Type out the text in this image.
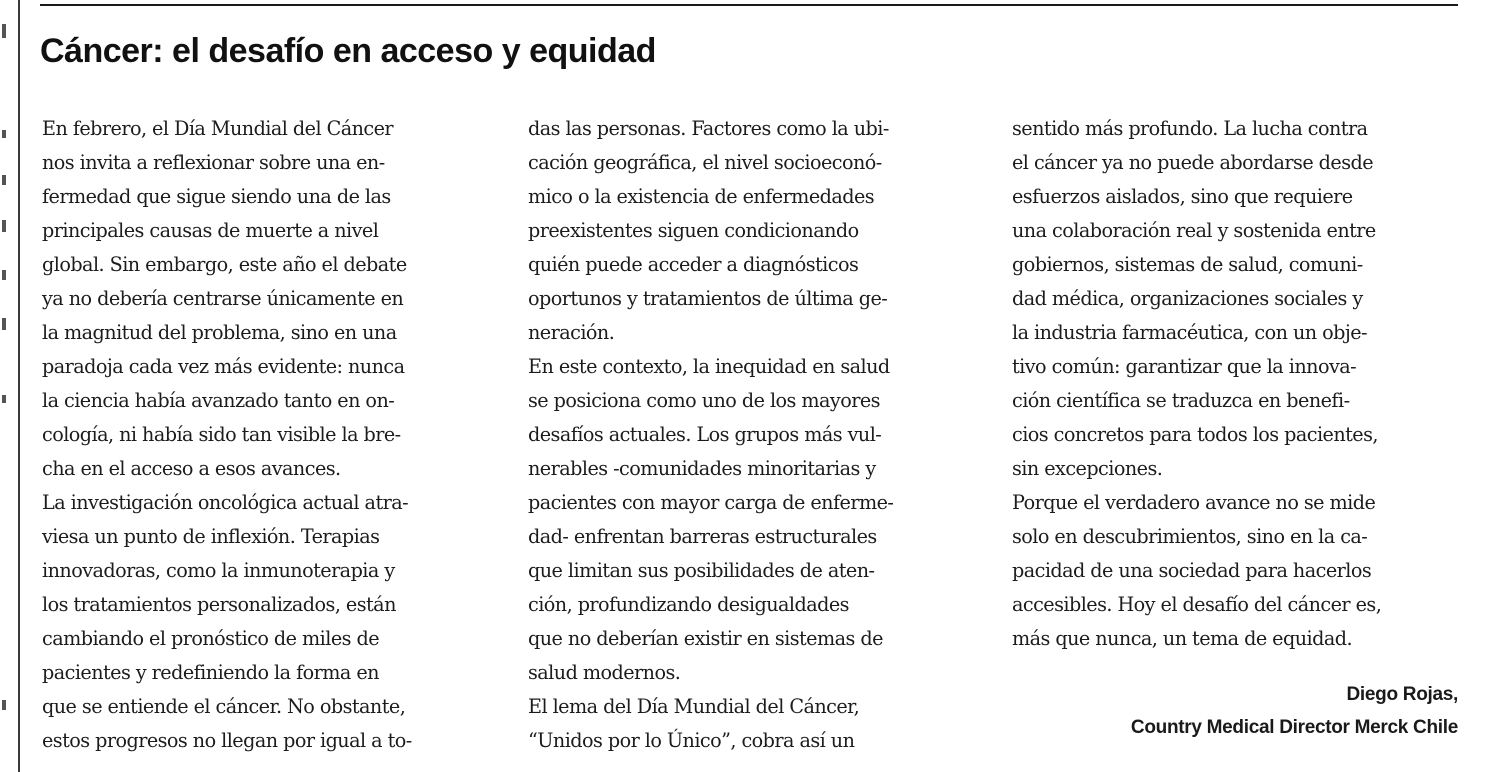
Cáncer: el desafío en acceso y equidad
En febrero, el Día Mundial del Cáncer
nos invita a reflexionar sobre una en-
fermedad que sigue siendo una de las
principales causas de muerte a nivel
global. Sin embargo, este año el debate
ya no debería centrarse únicamente en
la magnitud del problema, sino en una
paradoja cada vez más evidente: nunca
la ciencia había avanzado tanto en on-
cología, ni había sido tan visible la bre-
cha en el acceso a esos avances.
La investigación oncológica actual atra-
viesa un punto de inflexión. Terapias
innovadoras, como la inmunoterapia y
los tratamientos personalizados, están
cambiando el pronóstico de miles de
pacientes y redefiniendo la forma en
que se entiende el cáncer. No obstante,
estos progresos no llegan por igual a to-
das las personas. Factores como la ubi-
cación geográfica, el nivel socioeconó-
mico o la existencia de enfermedades
preexistentes siguen condicionando
quién puede acceder a diagnósticos
oportunos y tratamientos de última ge-
neración.
En este contexto, la inequidad en salud
se posiciona como uno de los mayores
desafíos actuales. Los grupos más vul-
nerables -comunidades minoritarias y
pacientes con mayor carga de enferme-
dad- enfrentan barreras estructurales
que limitan sus posibilidades de aten-
ción, profundizando desigualdades
que no deberían existir en sistemas de
salud modernos.
El lema del Día Mundial del Cáncer,
“Unidos por lo Único”, cobra así un
sentido más profundo. La lucha contra
el cáncer ya no puede abordarse desde
esfuerzos aislados, sino que requiere
una colaboración real y sostenida entre
gobiernos, sistemas de salud, comuni-
dad médica, organizaciones sociales y
la industria farmacéutica, con un obje-
tivo común: garantizar que la innova-
ción científica se traduzca en benefi-
cios concretos para todos los pacientes,
sin excepciones.
Porque el verdadero avance no se mide
solo en descubrimientos, sino en la ca-
pacidad de una sociedad para hacerlos
accesibles. Hoy el desafío del cáncer es,
más que nunca, un tema de equidad.
Diego Rojas,
Country Medical Director Merck Chile
